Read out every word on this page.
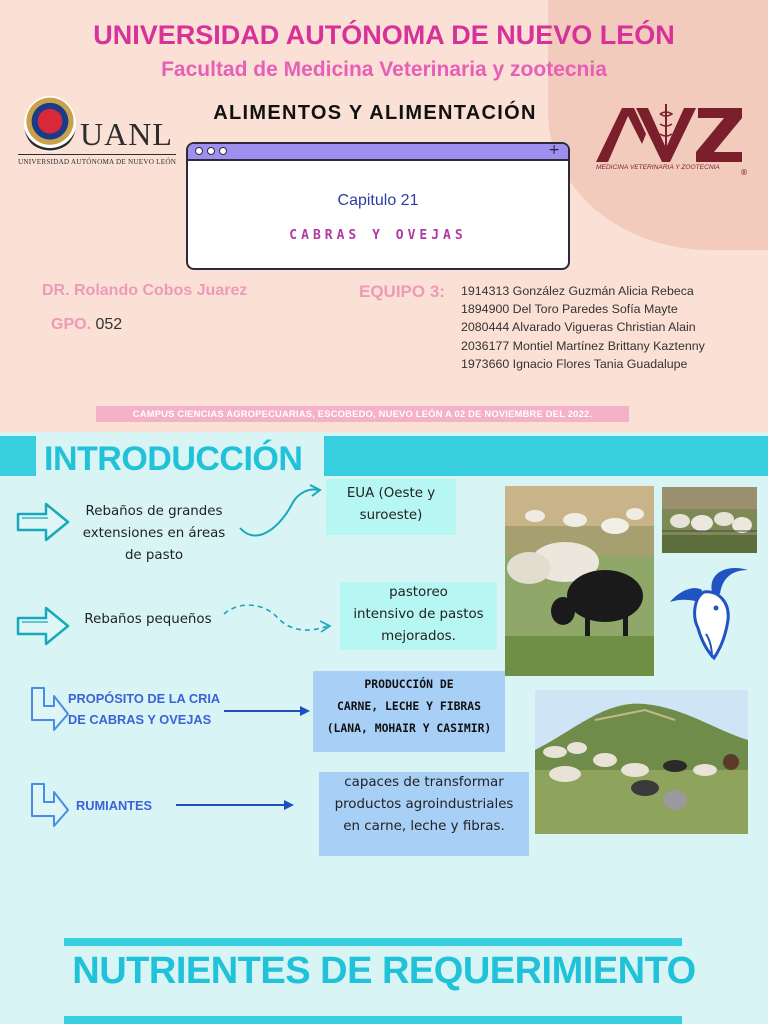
UNIVERSIDAD AUTÓNOMA DE NUEVO LEÓN
Facultad de Medicina Veterinaria y zootecnia
UANL
UNIVERSIDAD AUTÓNOMA DE NUEVO LEÓN
ALIMENTOS Y ALIMENTACIÓN
+
Capitulo 21
CABRAS Y OVEJAS
MEDICINA VETERINARIA Y ZOOTECNIA
®
DR. Rolando Cobos Juarez
GPO. 052
EQUIPO 3: 1914313 González Guzmán Alicia Rebeca
1894900 Del Toro Paredes Sofía Mayte
2080444 Alvarado Vigueras Christian Alain
2036177 Montiel Martínez Brittany Kaztenny
1973660 Ignacio Flores Tania Guadalupe
CAMPUS CIENCIAS AGROPECUARIAS, ESCOBEDO, NUEVO LEÓN A 02 DE NOVIEMBRE DEL 2022.
INTRODUCCIÓN
Rebaños de grandes
extensiones en áreas
de pasto
EUA (Oeste y
suroeste)
Rebaños pequeños
pastoreo
intensivo de pastos
mejorados.
PROPÓSITO DE LA CRIA
DE CABRAS Y OVEJAS
PRODUCCIÓN DE
CARNE, LECHE Y FIBRAS
(LANA, MOHAIR Y CASIMIR)
RUMIANTES
capaces de transformar
productos agroindustriales
en carne, leche y fibras.
NUTRIENTES DE REQUERIMIENTO
